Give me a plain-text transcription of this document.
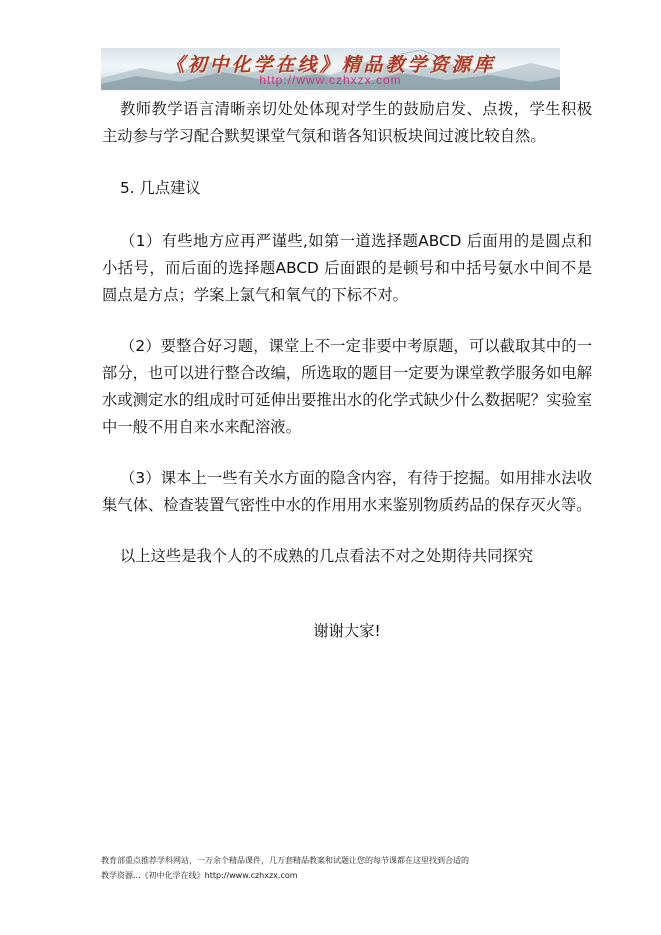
《初中化学在线》精品教学资源库
http://www.czhxzx.com

教师教学语言清晰亲切处处体现对学生的鼓励启发、点拨，学生积极主动参与学习配合默契课堂气氛和谐各知识板块间过渡比较自然。

5. 几点建议

（1）有些地方应再严谨些,如第一道选择题ABCD 后面用的是圆点和小括号，而后面的选择题ABCD 后面跟的是顿号和中括号氨水中间不是圆点是方点；学案上氯气和氧气的下标不对。

（2）要整合好习题，课堂上不一定非要中考原题，可以截取其中的一部分，也可以进行整合改编，所选取的题目一定要为课堂教学服务如电解水或测定水的组成时可延伸出要推出水的化学式缺少什么数据呢？实验室中一般不用自来水来配溶液。

（3）课本上一些有关水方面的隐含内容，有待于挖掘。如用排水法收集气体、检查装置气密性中水的作用用水来鉴别物质药品的保存灭火等。

以上这些是我个人的不成熟的几点看法不对之处期待共同探究

谢谢大家!

教育部重点推荐学科网站，一万余个精品课件，几万套精品教案和试题让您的每节课都在这里找到合适的

教学资源...《初中化学在线》http://www.czhxzx.com
